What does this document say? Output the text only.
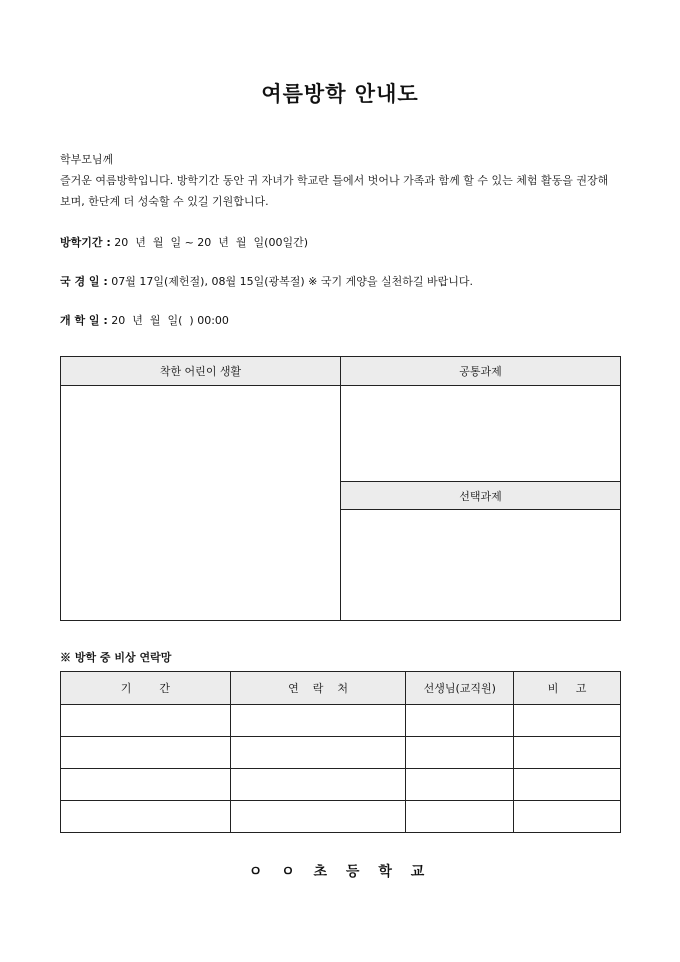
여름방학 안내도
학부모님께
즐거운 여름방학입니다. 방학기간 동안 귀 자녀가 학교란 틀에서 벗어나 가족과 함께 할 수 있는 체험 활동을 권장해 보며, 한단계 더 성숙할 수 있길 기원합니다.
방학기간 : 20  년  월  일 ~ 20  년  월  일(00일간)
국 경 일 : 07월 17일(제헌절), 08월 15일(광복절) ※ 국기 게양을 실천하길 바랍니다.
개 학 일 : 20  년  월  일(  ) 00:00
착한 어린이 생활	공통과제
선택과제
※ 방학 중 비상 연락망
기        간	연    락    처	선생님(교직원)	비     고

ㅇ ㅇ 초 등 학 교
